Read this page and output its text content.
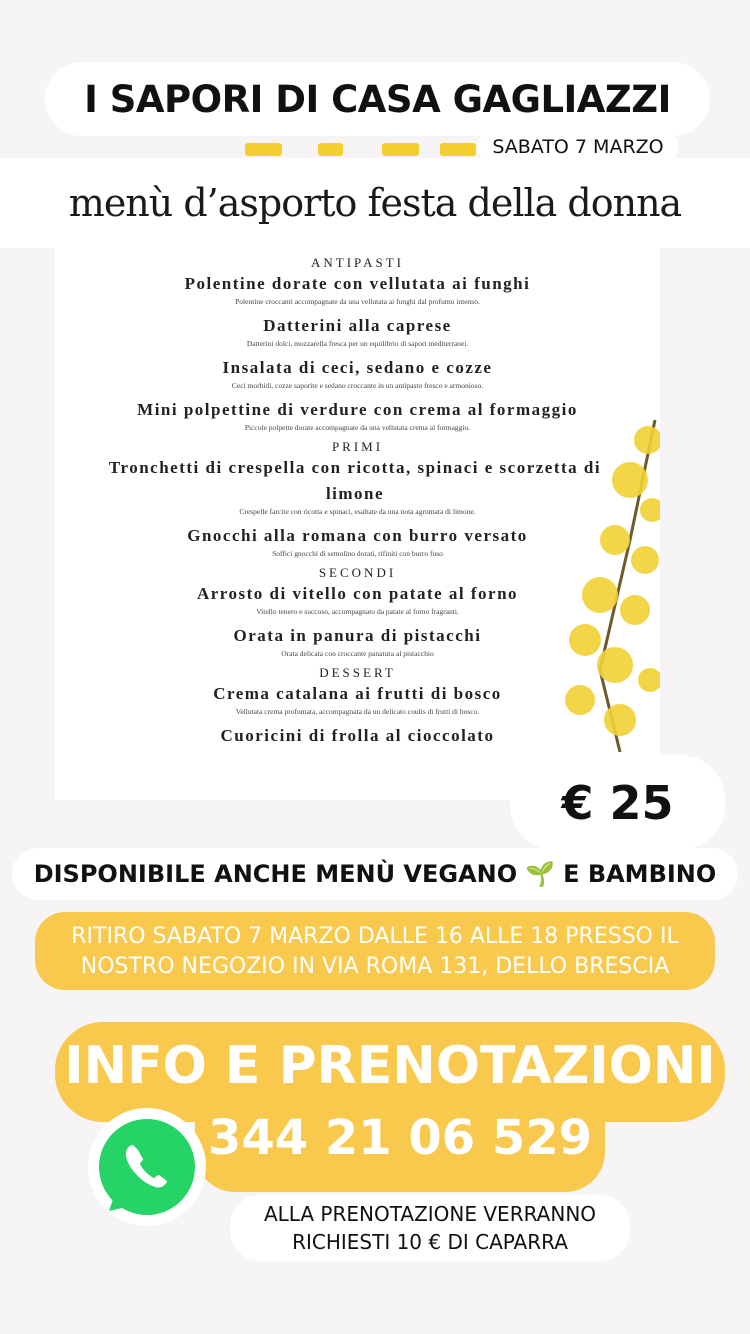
I SAPORI DI CASA GAGLIAZZI
SABATO 7 MARZO
menù d’asporto festa della donna
ANTIPASTI
Polentine dorate con vellutata ai funghi
Polentine croccanti accompagnate da una vellutata ai funghi dal profumo intenso.
Datterini alla caprese
Datterini dolci, mozzarella fresca per un equilibrio di sapori mediterranei.
Insalata di ceci, sedano e cozze
Ceci morbidi, cozze saporite e sedano croccante in un antipasto fresco e armonioso.
Mini polpettine di verdure con crema al formaggio
Piccole polpette dorate accompagnate da una vellutata crema al formaggio.
PRIMI
Tronchetti di crespella con ricotta, spinaci e scorzetta di limone
Crespelle farcite con ricotta e spinaci, esaltate da una nota agrumata di limone.
Gnocchi alla romana con burro versato
Soffici gnocchi di semolino dorati, rifiniti con burro fuso
SECONDI
Arrosto di vitello con patate al forno
Vitello tenero e succoso, accompagnato da patate al forno fragranti.
Orata in panura di pistacchi
Orata delicata con croccante panatura al pistacchio
DESSERT
Crema catalana ai frutti di bosco
Vellutata crema profumata, accompagnata da un delicato coulis di frutti di bosco.
Cuoricini di frolla al cioccolato
€ 25
DISPONIBILE ANCHE MENÙ VEGANO 🌱 E BAMBINO
RITIRO SABATO 7 MARZO DALLE 16 ALLE 18 PRESSO IL
NOSTRO NEGOZIO IN VIA ROMA 131, DELLO BRESCIA
INFO E PRENOTAZIONI
344 21 06 529
ALLA PRENOTAZIONE VERRANNO
RICHIESTI 10 € DI CAPARRA
